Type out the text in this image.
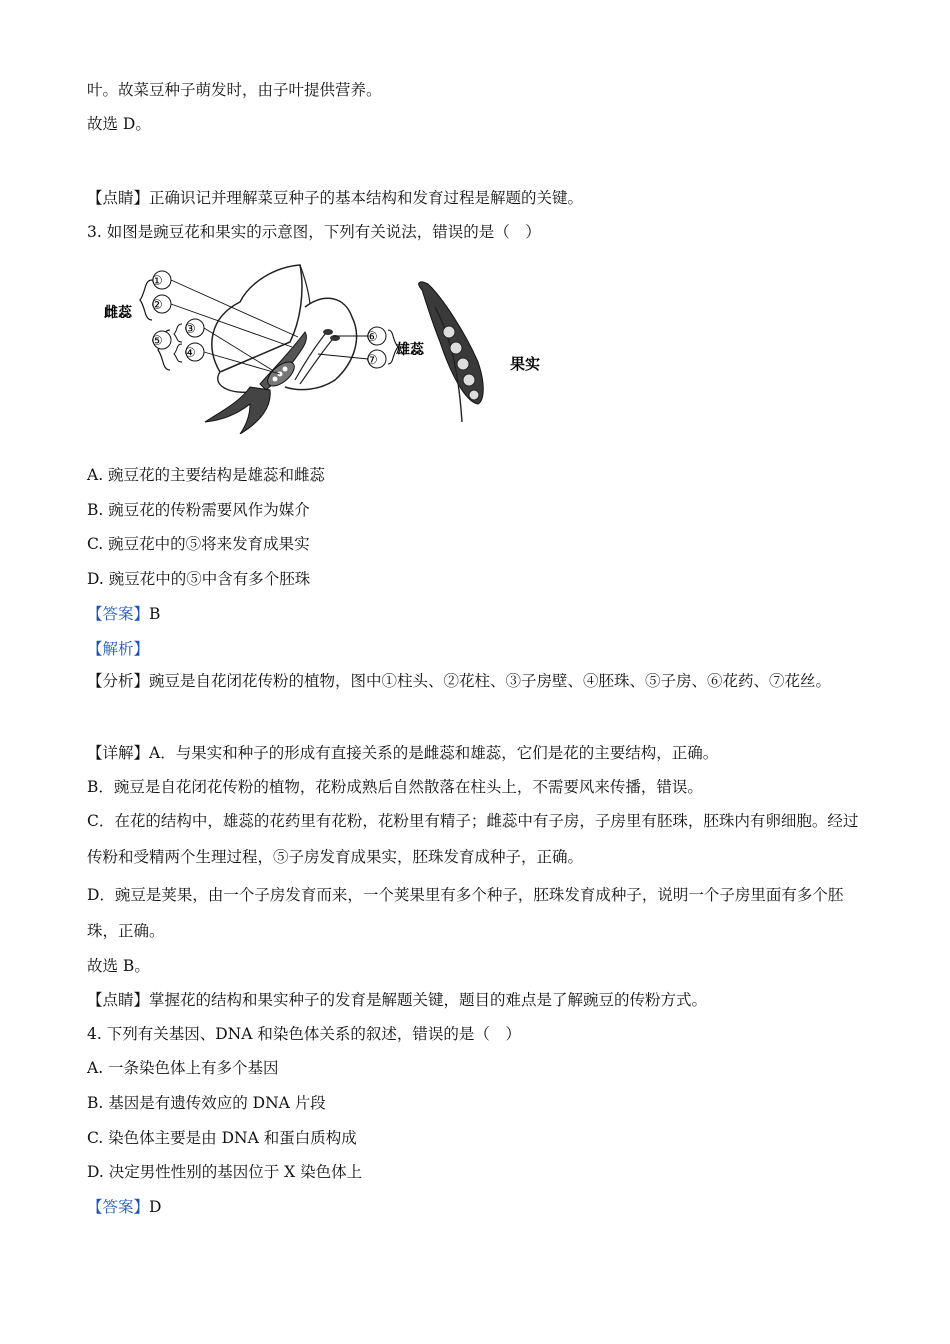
叶。故菜豆种子萌发时，由子叶提供营养。
故选 D。
【点睛】正确识记并理解菜豆种子的基本结构和发育过程是解题的关键。
3. 如图是豌豆花和果实的示意图，下列有关说法，错误的是（　）
①
②
⑤
③
④
⑥
⑦
雌蕊
雄蕊
果实
A. 豌豆花的主要结构是雄蕊和雌蕊
B. 豌豆花的传粉需要风作为媒介
C. 豌豆花中的⑤将来发育成果实
D. 豌豆花中的⑤中含有多个胚珠
【答案】B
【解析】
【分析】豌豆是自花闭花传粉的植物，图中①柱头、②花柱、③子房壁、④胚珠、⑤子房、⑥花药、⑦花丝。
【详解】A．与果实和种子的形成有直接关系的是雌蕊和雄蕊，它们是花的主要结构，正确。
B．豌豆是自花闭花传粉的植物，花粉成熟后自然散落在柱头上，不需要风来传播，错误。
C．在花的结构中，雄蕊的花药里有花粉，花粉里有精子；雌蕊中有子房，子房里有胚珠，胚珠内有卵细胞。经过传粉和受精两个生理过程，⑤子房发育成果实，胚珠发育成种子，正确。
D．豌豆是荚果，由一个子房发育而来，一个荚果里有多个种子，胚珠发育成种子，说明一个子房里面有多个胚珠，正确。
故选 B。
【点睛】掌握花的结构和果实种子的发育是解题关键，题目的难点是了解豌豆的传粉方式。
4. 下列有关基因、DNA 和染色体关系的叙述，错误的是（　）
A. 一条染色体上有多个基因
B. 基因是有遗传效应的 DNA 片段
C. 染色体主要是由 DNA 和蛋白质构成
D. 决定男性性别的基因位于 X 染色体上
【答案】D
